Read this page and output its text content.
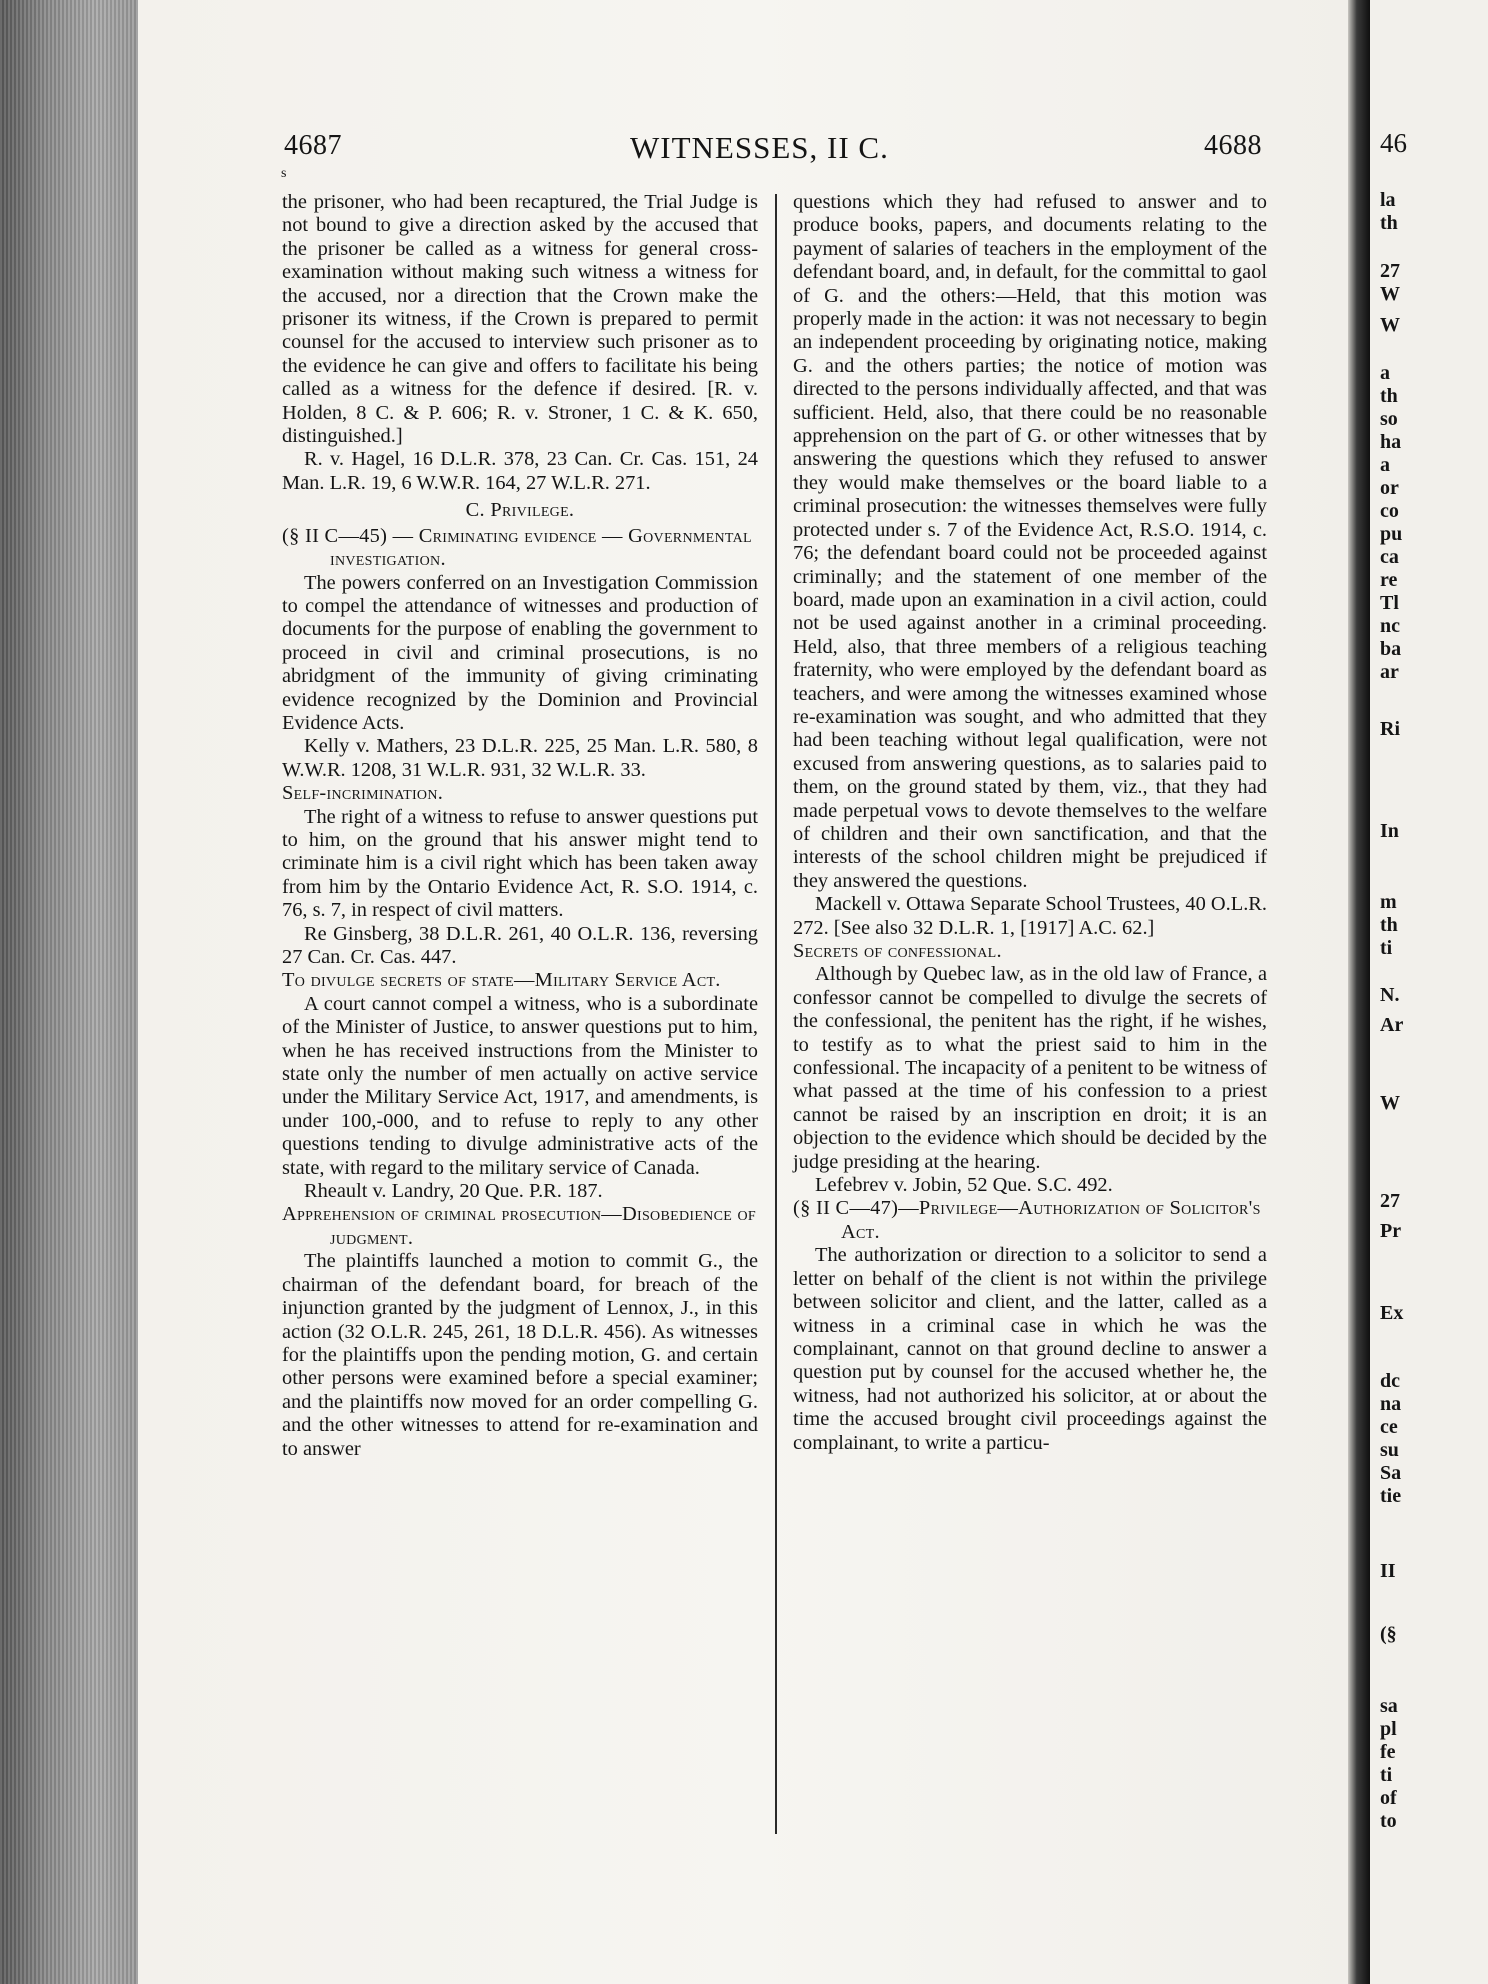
46
la
th
27
W
W
a
th
so
ha
a
or
co
pu
ca
re
Tl
nc
ba
ar
Ri
In
m
th
ti
N.
Ar
W
27
Pr
Ex
dc
na
ce
su
Sa
tie
II
(§
sa
pl
fe
ti
of
to
4687	WITNESSES, II C.	4688
s

the prisoner, who had been recaptured, the Trial Judge is not bound to give a direction asked by the accused that the prisoner be called as a witness for general cross-examination without making such witness a witness for the accused, nor a direction that the Crown make the prisoner its witness, if the Crown is prepared to permit counsel for the accused to interview such prisoner as to the evidence he can give and offers to facilitate his being called as a witness for the defence if desired. [R. v. Holden, 8 C. & P. 606; R. v. Stroner, 1 C. & K. 650, distinguished.]

R. v. Hagel, 16 D.L.R. 378, 23 Can. Cr. Cas. 151, 24 Man. L.R. 19, 6 W.W.R. 164, 27 W.L.R. 271.

C. Privilege.
(§ II C—45) — Criminating evidence — Governmental investigation.

The powers conferred on an Investigation Commission to compel the attendance of witnesses and production of documents for the purpose of enabling the government to proceed in civil and criminal prosecutions, is no abridgment of the immunity of giving criminating evidence recognized by the Dominion and Provincial Evidence Acts.

Kelly v. Mathers, 23 D.L.R. 225, 25 Man. L.R. 580, 8 W.W.R. 1208, 31 W.L.R. 931, 32 W.L.R. 33.

Self-incrimination.

The right of a witness to refuse to answer questions put to him, on the ground that his answer might tend to criminate him is a civil right which has been taken away from him by the Ontario Evidence Act, R. S.O. 1914, c. 76, s. 7, in respect of civil matters.

Re Ginsberg, 38 D.L.R. 261, 40 O.L.R. 136, reversing 27 Can. Cr. Cas. 447.

To divulge secrets of state—Military Service Act.

A court cannot compel a witness, who is a subordinate of the Minister of Justice, to answer questions put to him, when he has received instructions from the Minister to state only the number of men actually on active service under the Military Service Act, 1917, and amendments, is under 100,-000, and to refuse to reply to any other questions tending to divulge administrative acts of the state, with regard to the military service of Canada.

Rheault v. Landry, 20 Que. P.R. 187.

Apprehension of criminal prosecution—Disobedience of judgment.

The plaintiffs launched a motion to commit G., the chairman of the defendant board, for breach of the injunction granted by the judgment of Lennox, J., in this action (32 O.L.R. 245, 261, 18 D.L.R. 456). As witnesses for the plaintiffs upon the pending motion, G. and certain other persons were examined before a special examiner; and the plaintiffs now moved for an order compelling G. and the other witnesses to attend for re-examination and to answer

questions which they had refused to answer and to produce books, papers, and documents relating to the payment of salaries of teachers in the employment of the defendant board, and, in default, for the committal to gaol of G. and the others:—Held, that this motion was properly made in the action: it was not necessary to begin an independent proceeding by originating notice, making G. and the others parties; the notice of motion was directed to the persons individually affected, and that was sufficient. Held, also, that there could be no reasonable apprehension on the part of G. or other witnesses that by answering the questions which they refused to answer they would make themselves or the board liable to a criminal prosecution: the witnesses themselves were fully protected under s. 7 of the Evidence Act, R.S.O. 1914, c. 76; the defendant board could not be proceeded against criminally; and the statement of one member of the board, made upon an examination in a civil action, could not be used against another in a criminal proceeding. Held, also, that three members of a religious teaching fraternity, who were employed by the defendant board as teachers, and were among the witnesses examined whose re-examination was sought, and who admitted that they had been teaching without legal qualification, were not excused from answering questions, as to salaries paid to them, on the ground stated by them, viz., that they had made perpetual vows to devote themselves to the welfare of children and their own sanctification, and that the interests of the school children might be prejudiced if they answered the questions.

Mackell v. Ottawa Separate School Trustees, 40 O.L.R. 272. [See also 32 D.L.R. 1, [1917] A.C. 62.]

Secrets of confessional.

Although by Quebec law, as in the old law of France, a confessor cannot be compelled to divulge the secrets of the confessional, the penitent has the right, if he wishes, to testify as to what the priest said to him in the confessional. The incapacity of a penitent to be witness of what passed at the time of his confession to a priest cannot be raised by an inscription en droit; it is an objection to the evidence which should be decided by the judge presiding at the hearing.

Lefebrev v. Jobin, 52 Que. S.C. 492.

(§ II C—47)—Privilege—Authorization of Solicitor's Act.

The authorization or direction to a solicitor to send a letter on behalf of the client is not within the privilege between solicitor and client, and the latter, called as a witness in a criminal case in which he was the complainant, cannot on that ground decline to answer a question put by counsel for the accused whether he, the witness, had not authorized his solicitor, at or about the time the accused brought civil proceedings against the complainant, to write a particu-
